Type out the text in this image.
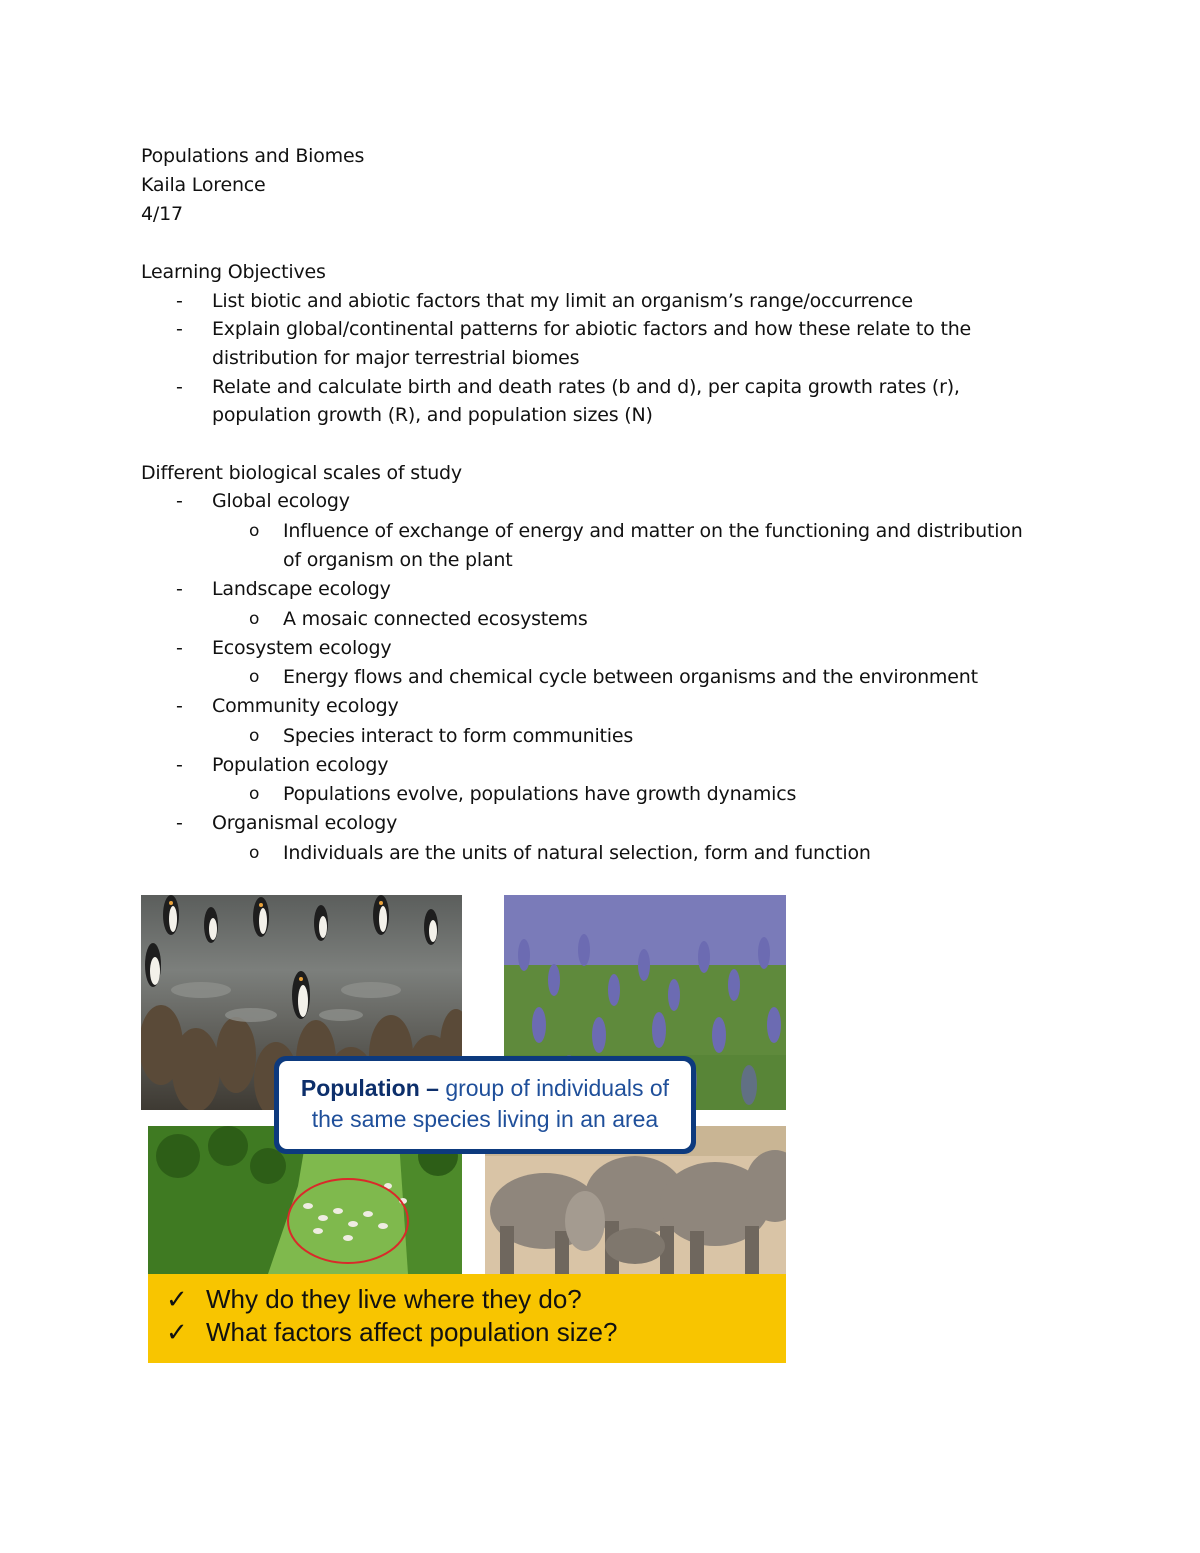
Populations and Biomes
Kaila Lorence
4/17
Learning Objectives
- List biotic and abiotic factors that my limit an organism’s range/occurrence
- Explain global/continental patterns for abiotic factors and how these relate to the
distribution for major terrestrial biomes
- Relate and calculate birth and death rates (b and d), per capita growth rates (r),
population growth (R), and population sizes (N)
Different biological scales of study
- Global ecology
o Influence of exchange of energy and matter on the functioning and distribution
of organism on the plant
- Landscape ecology
o A mosaic connected ecosystems
- Ecosystem ecology
o Energy flows and chemical cycle between organisms and the environment
- Community ecology
o Species interact to form communities
- Population ecology
o Populations evolve, populations have growth dynamics
- Organismal ecology
o Individuals are the units of natural selection, form and function
Population – group of individuals of
the same species living in an area
✓ Why do they live where they do?
✓ What factors affect population size?
